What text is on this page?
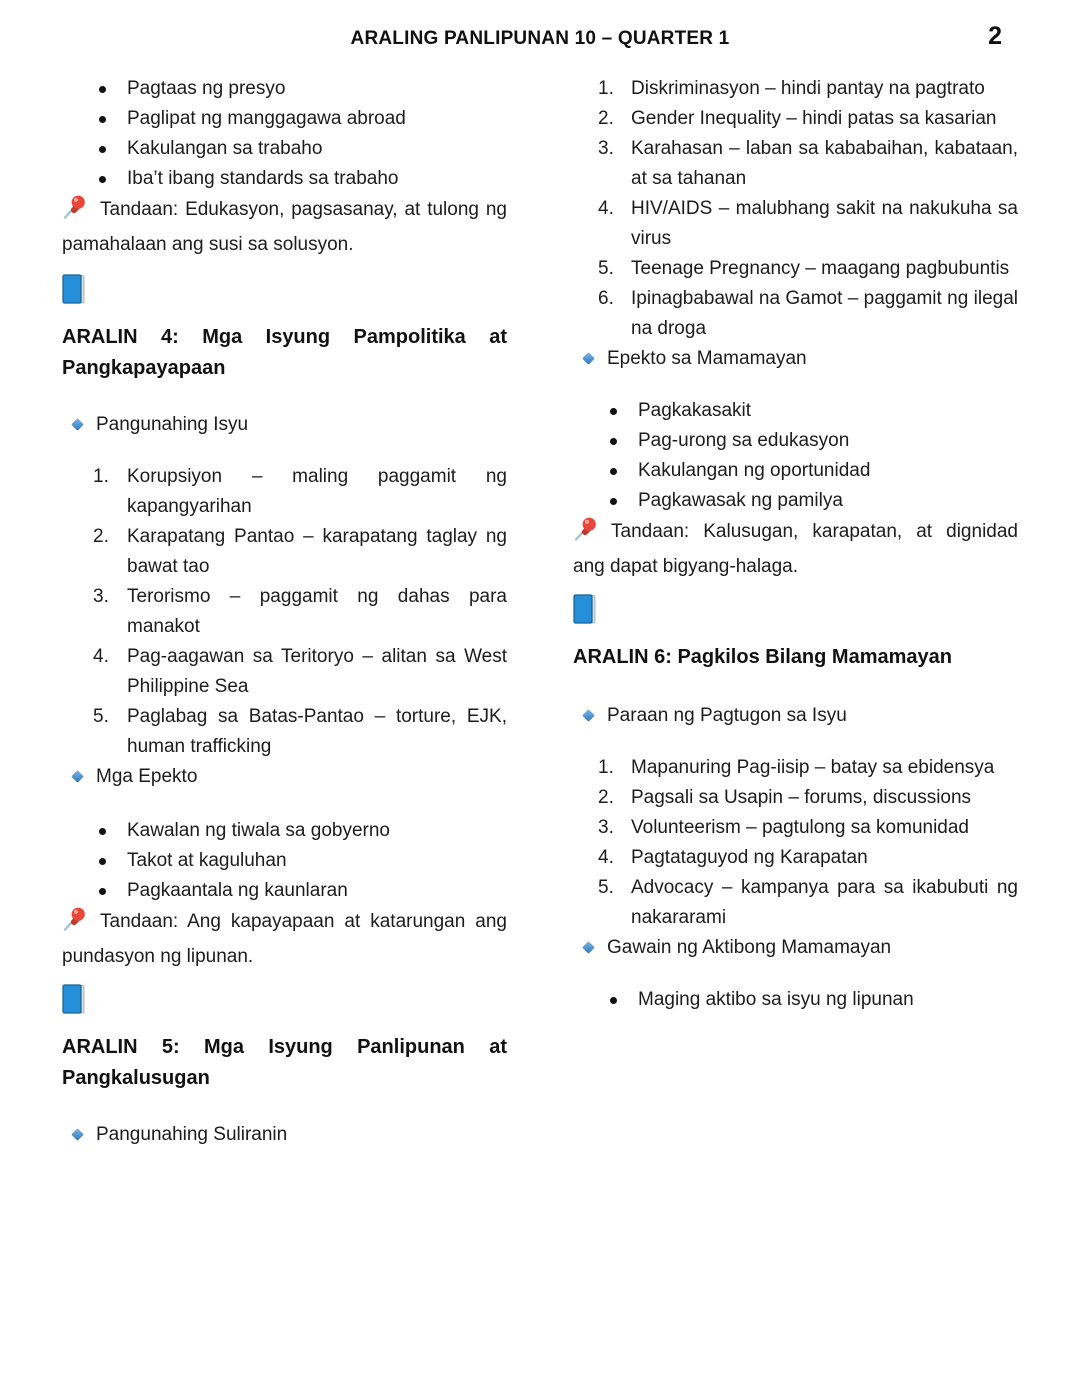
ARALING PANLIPUNAN 10 – QUARTER 1	2
Pagtaas ng presyo
Paglipat ng manggagawa abroad
Kakulangan sa trabaho
Iba’t ibang standards sa trabaho

Tandaan: Edukasyon, pagsasanay, at tulong ng pamahalaan ang susi sa solusyon.

ARALIN 4: Mga Isyung Pampolitika at Pangkapayapaan
Pangunahing Isyu
Korupsiyon – maling paggamit ng kapangyarihan
Karapatang Pantao – karapatang taglay ng bawat tao
Terorismo – paggamit ng dahas para manakot
Pag-aagawan sa Teritoryo – alitan sa West Philippine Sea
Paglabag sa Batas-Pantao – torture, EJK, human trafficking
Mga Epekto
Kawalan ng tiwala sa gobyerno
Takot at kaguluhan
Pagkaantala ng kaunlaran

Tandaan: Ang kapayapaan at katarungan ang pundasyon ng lipunan.

ARALIN 5: Mga Isyung Panlipunan at Pangkalusugan
Pangunahing Suliranin
Diskriminasyon – hindi pantay na pagtrato
Gender Inequality – hindi patas sa kasarian
Karahasan – laban sa kababaihan, kabataan, at sa tahanan
HIV/AIDS – malubhang sakit na nakukuha sa virus
Teenage Pregnancy – maagang pagbubuntis
Ipinagbabawal na Gamot – paggamit ng ilegal na droga
Epekto sa Mamamayan
Pagkakasakit
Pag-urong sa edukasyon
Kakulangan ng oportunidad
Pagkawasak ng pamilya

Tandaan: Kalusugan, karapatan, at dignidad ang dapat bigyang-halaga.

ARALIN 6: Pagkilos Bilang Mamamayan
Paraan ng Pagtugon sa Isyu
Mapanuring Pag-iisip – batay sa ebidensya
Pagsali sa Usapin – forums, discussions
Volunteerism – pagtulong sa komunidad
Pagtataguyod ng Karapatan
Advocacy – kampanya para sa ikabubuti ng nakararami
Gawain ng Aktibong Mamamayan
Maging aktibo sa isyu ng lipunan
